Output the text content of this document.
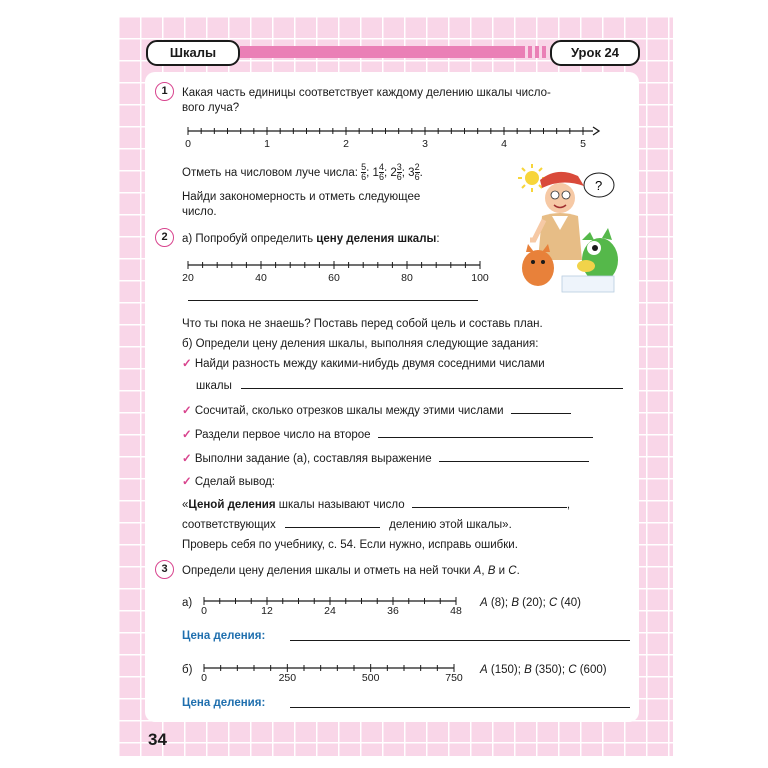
Шкалы	Урок 24
1	Какая часть единицы соответствует каждому делению шкалы число-
вого луча?
0	1	2	3	4	5
Отметь на числовом луче числа: $\frac{5}{6}$ ; $1 \frac{4}{6}$ ; $2 \frac{3}{6}$ ; $3 \frac{2}{6}$ .
Найди закономерность и отметь следующее
число.
?
2	а) Попробуй определить цену деления шкалы:
20	40	60	80	100
Что ты пока не знаешь? Поставь перед собой цель и составь план.
б) Определи цену деления шкалы, выполняя следующие задания:
✓ Найди разность между какими-нибудь двумя соседними числами
шкалы
✓ Сосчитай, сколько отрезков шкалы между этими числами
✓ Раздели первое число на второе
✓ Выполни задание (а), составляя выражение
✓ Сделай вывод:
«Ценой деления шкалы называют число	,
соответствующих	делению этой шкалы».
Проверь себя по учебнику, с. 54. Если нужно, исправь ошибки.
3	Определи цену деления шкалы и отметь на ней точки A, B и C.
а)
0	12	24	36	48
A (8); B (20); C (40)
Цена деления:
б)
0	250	500	750
A (150); B (350); C (600)
Цена деления:
34
